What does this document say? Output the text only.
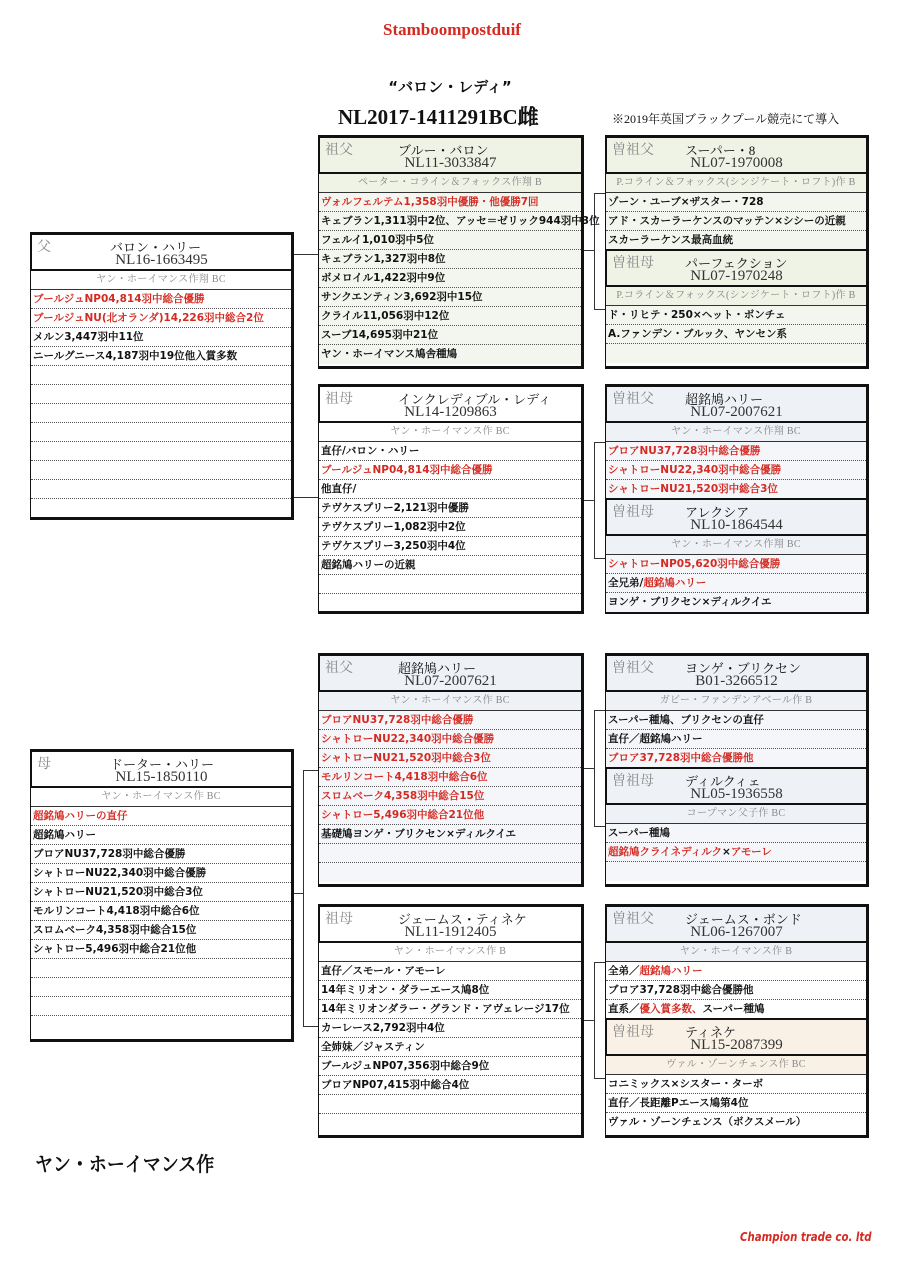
Stamboompostduif
“バロン・レディ”
NL2017-1411291BC雌	※2019年英国ブラックプール競売にて導入
父	バロン・ハリー
NL16-1663495
ヤン・ホーイマンス作翔 BC
ブールジュNP04,814羽中総合優勝
ブールジュNU(北オランダ)14,226羽中総合2位
メルン3,447羽中11位
ニールグニース4,187羽中19位他入賞多数
母	ドーター・ハリー
NL15-1850110
ヤン・ホーイマンス作 BC
超銘鳩ハリーの直仔
超銘鳩ハリー
ブロアNU37,728羽中総合優勝
シャトローNU22,340羽中総合優勝
シャトローNU21,520羽中総合3位
モルリンコート4,418羽中総合6位
スロムベーク4,358羽中総合15位
シャトロー5,496羽中総合21位他
祖父	ブルー・バロン
NL11-3033847
ペーター・コライン＆フォックス作翔 B
ヴォルフェルテム1,358羽中優勝・他優勝7回
キェブラン1,311羽中2位、アッセ＝ゼリック944羽中3位
フェルイ1,010羽中5位
キェブラン1,327羽中8位
ボメロイル1,422羽中9位
サンクエンティン3,692羽中15位
クライル11,056羽中12位
スーブ14,695羽中21位
ヤン・ホーイマンス鳩舎種鳩
祖母	インクレディブル・レディ
NL14-1209863
ヤン・ホーイマンス作 BC
直仔/バロン・ハリー
ブールジュNP04,814羽中総合優勝
他直仔/
テヴケスプリー2,121羽中優勝
テヴケスプリー1,082羽中2位
テヴケスプリー3,250羽中4位
超銘鳩ハリーの近親
祖父	超銘鳩ハリー
NL07-2007621
ヤン・ホーイマンス作 BC
ブロアNU37,728羽中総合優勝
シャトローNU22,340羽中総合優勝
シャトローNU21,520羽中総合3位
モルリンコート4,418羽中総合6位
スロムベーク4,358羽中総合15位
シャトロー5,496羽中総合21位他
基礎鳩ヨンゲ・ブリクセン×ディルクイエ
祖母	ジェームス・ティネケ
NL11-1912405
ヤン・ホーイマンス作 B
直仔／スモール・アモーレ
14年ミリオン・ダラーエース鳩8位
14年ミリオンダラー・グランド・アヴェレージ17位
カーレース2,792羽中4位
全姉妹／ジャスティン
ブールジュNP07,356羽中総合9位
ブロアNP07,415羽中総合4位
曽祖父 スーパー・8
NL07-1970008
P.コライン＆フォックス(シンジケート・ロフト)作 B
ゾーン・ユーブ×ザスター・728
アド・スカーラーケンスのマッテン×シシーの近親
スカーラーケンス最高血統
曽祖母 パーフェクション
NL07-1970248
P.コライン＆フォックス(シンジケート・ロフト)作 B
ド・リヒテ・250×ヘット・ボンチェ
A.ファンデン・ブルック、ヤンセン系
曽祖父 超銘鳩ハリー
NL07-2007621
ヤン・ホーイマンス作翔 BC
ブロアNU37,728羽中総合優勝
シャトローNU22,340羽中総合優勝
シャトローNU21,520羽中総合3位
曽祖母 アレクシア
NL10-1864544
ヤン・ホーイマンス作翔 BC
シャトローNP05,620羽中総合優勝
全兄弟/超銘鳩ハリー
ヨンゲ・ブリクセン×ディルクイエ
曽祖父 ヨンゲ・ブリクセン
B01-3266512
ガビー・ファンデンアベール作 B
スーパー種鳩、ブリクセンの直仔
直仔／超銘鳩ハリー
ブロア37,728羽中総合優勝他
曽祖母 ディルクィェ
NL05-1936558
コープマン父子作 BC
スーパー種鳩
超銘鳩クライネディルク×アモーレ
曽祖父 ジェームス・ボンド
NL06-1267007
ヤン・ホーイマンス作 B
全弟／超銘鳩ハリー
ブロア37,728羽中総合優勝他
直系／優入賞多数、スーパー種鳩
曽祖母 ティネケ
NL15-2087399
ヴァル・ゾーンチェンス作 BC
コニミックス×シスター・ターボ
直仔／長距離Pエース鳩第4位
ヴァル・ゾーンチェンス（ボクスメール）
ヤン・ホーイマンス作
Champion trade co. ltd
